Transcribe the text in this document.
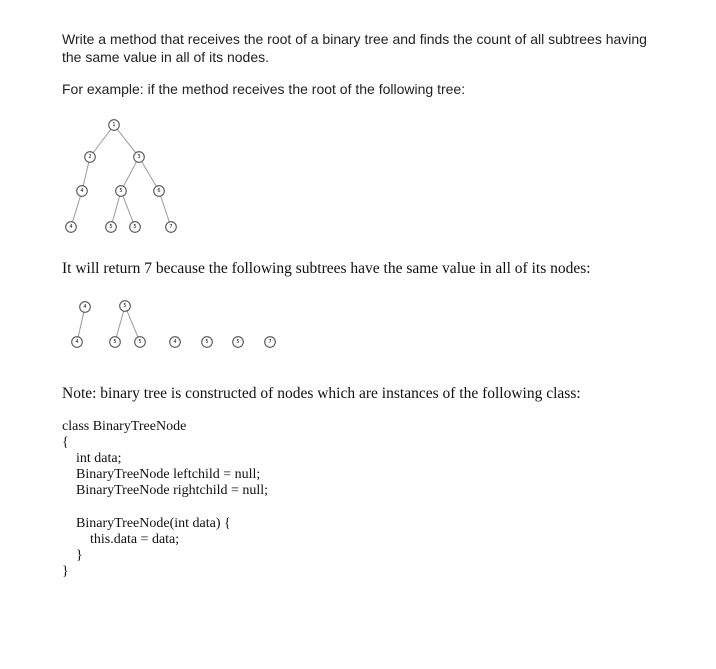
Write a method that receives the root of a binary tree and finds the count of all subtrees having the same value in all of its nodes.
For example: if the method receives the root of the following tree:
1
2	3
4	5	6
4	5	5	7
4
4
5
5	5	4	5	5	7
It will return 7 because the following subtrees have the same value in all of its nodes:
Note: binary tree is constructed of nodes which are instances of the following class:
class BinaryTreeNode
{
int data;
BinaryTreeNode leftchild = null;
BinaryTreeNode rightchild = null;
BinaryTreeNode(int data) {
this.data = data;
}
}
